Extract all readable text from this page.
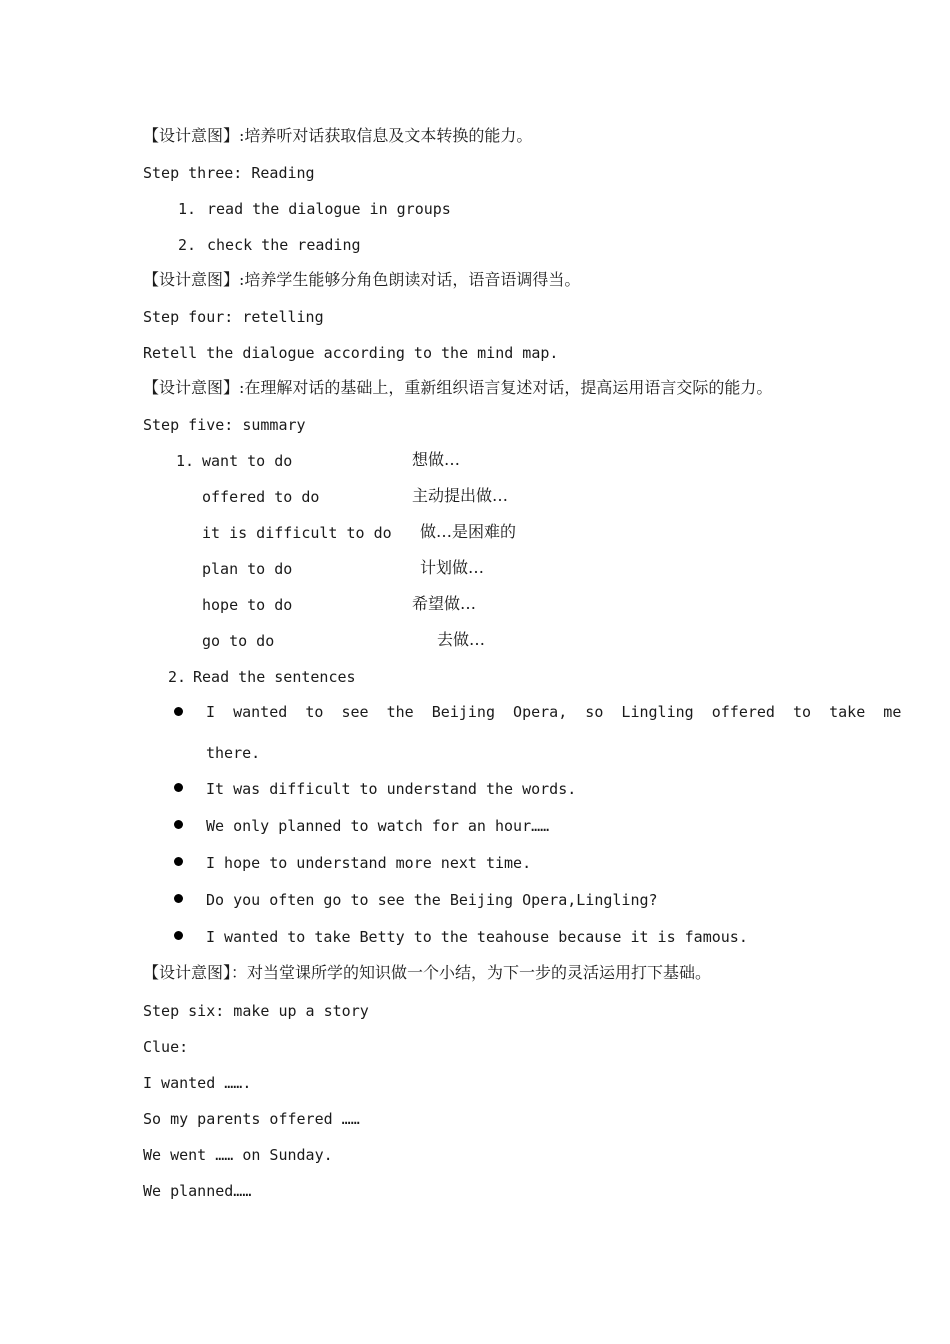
【设计意图】:培养听对话获取信息及文本转换的能力。
Step three: Reading
1. read the dialogue in groups
2. check the reading
【设计意图】:培养学生能够分角色朗读对话，语音语调得当。
Step four: retelling
Retell the dialogue according to the mind map.
【设计意图】:在理解对话的基础上，重新组织语言复述对话，提高运用语言交际的能力。
Step five: summary
1. want to do	想做…
offered to do	主动提出做…
it is difficult to do 做…是困难的
plan to do	计划做…
hope to do	希望做…
go to do	去做…
2. Read the sentences
I  wanted  to  see  the  Beijing  Opera,  so  Lingling  offered  to  take  me
there.
It was difficult to understand the words.
We only planned to watch for an hour……
I hope to understand more next time.
Do you often go to see the Beijing Opera,Lingling?
I wanted to take Betty to the teahouse because it is famous.
【设计意图】：对当堂课所学的知识做一个小结，为下一步的灵活运用打下基础。
Step six: make up a story
Clue:
I wanted …….
So my parents offered ……
We went …… on Sunday.
We planned……
